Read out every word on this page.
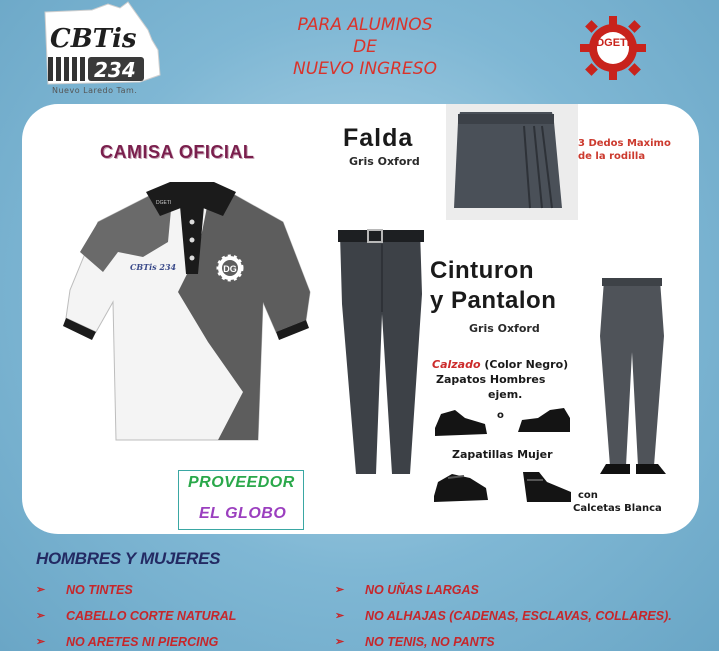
CBTis
234
Nuevo Laredo Tam.
PARA ALUMNOS
DE
NUEVO INGRESO
DGETI
CAMISA OFICIAL
DG
CBTis 234
DGETI
Falda
Gris Oxford
3 Dedos Maximo
de la rodilla
Cinturon
y Pantalon
Gris Oxford
Calzado (Color Negro)
Zapatos Hombres
ejem.
o
Zapatillas Mujer
con
Calcetas Blanca
PROVEEDOR
EL GLOBO
HOMBRES Y MUJERES
➢ NO TINTES
➢ CABELLO CORTE NATURAL
➢ NO ARETES NI PIERCING
➢ NO UÑAS LARGAS
➢ NO ALHAJAS (CADENAS, ESCLAVAS, COLLARES).
➢ NO TENIS, NO PANTS
